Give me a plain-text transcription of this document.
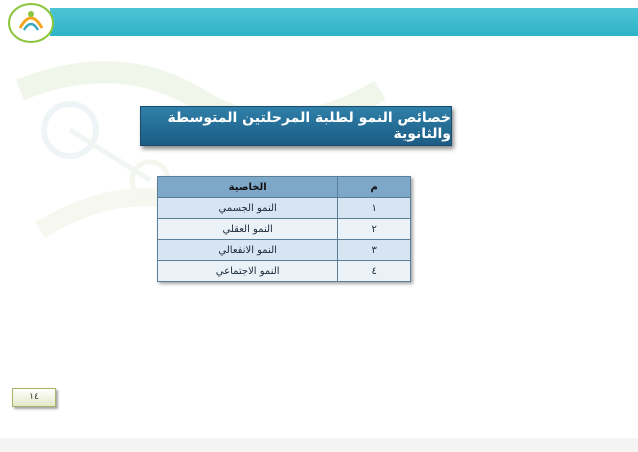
خصائص النمو لطلبة المرحلتين المتوسطة والثانوية
م	الخاصية
١	النمو الجسمي
٢	النمو العقلي
٣	النمو الانفعالي
٤	النمو الاجتماعي
١٤
